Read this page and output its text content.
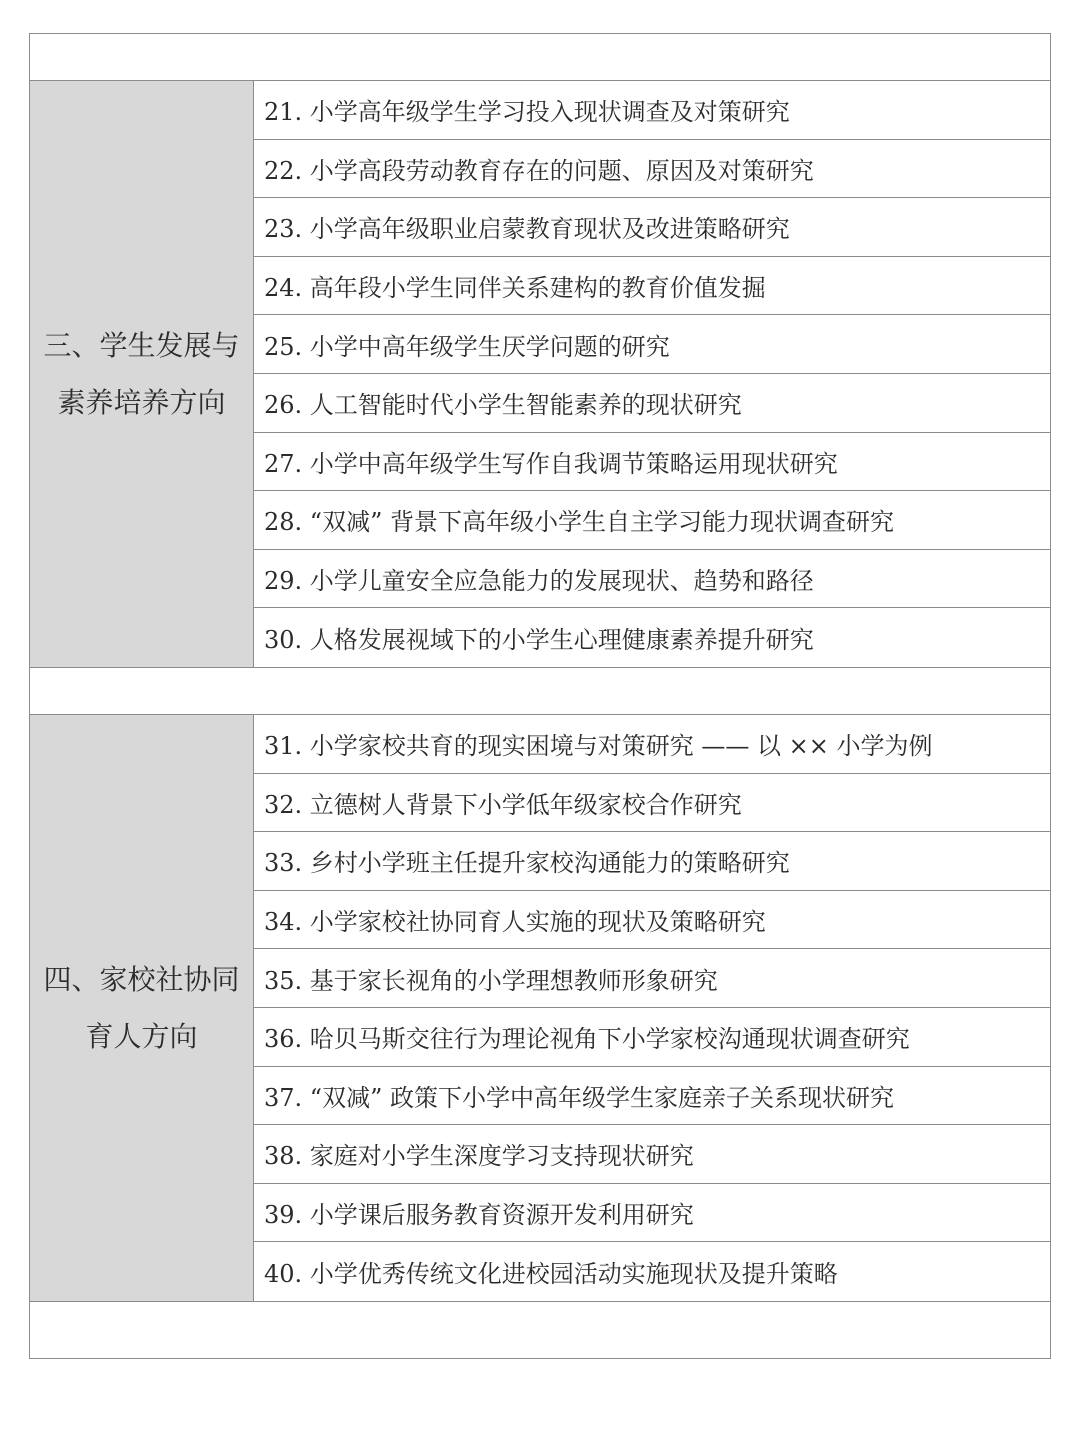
三、学生发展与
素养培养方向
21. 小学高年级学生学习投入现状调查及对策研究
22. 小学高段劳动教育存在的问题、原因及对策研究
23. 小学高年级职业启蒙教育现状及改进策略研究
24. 高年段小学生同伴关系建构的教育价值发掘
25. 小学中高年级学生厌学问题的研究
26. 人工智能时代小学生智能素养的现状研究
27. 小学中高年级学生写作自我调节策略运用现状研究
28. “双减” 背景下高年级小学生自主学习能力现状调查研究
29. 小学儿童安全应急能力的发展现状、趋势和路径
30. 人格发展视域下的小学生心理健康素养提升研究
四、家校社协同
育人方向
31. 小学家校共育的现实困境与对策研究 —— 以 ×× 小学为例
32. 立德树人背景下小学低年级家校合作研究
33. 乡村小学班主任提升家校沟通能力的策略研究
34. 小学家校社协同育人实施的现状及策略研究
35. 基于家长视角的小学理想教师形象研究
36. 哈贝马斯交往行为理论视角下小学家校沟通现状调查研究
37. “双减” 政策下小学中高年级学生家庭亲子关系现状研究
38. 家庭对小学生深度学习支持现状研究
39. 小学课后服务教育资源开发利用研究
40. 小学优秀传统文化进校园活动实施现状及提升策略
